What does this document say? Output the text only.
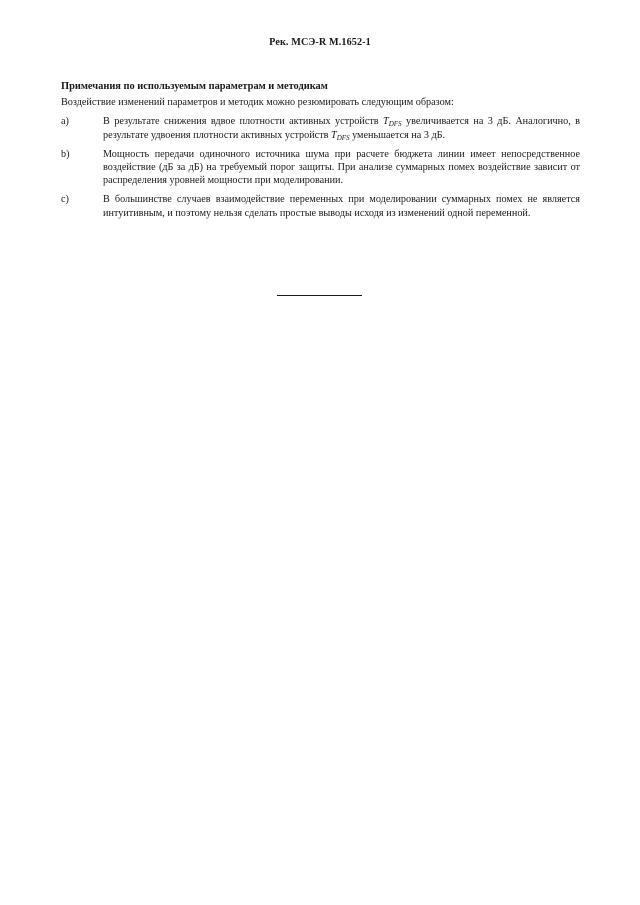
Рек. МСЭ-R M.1652-1
Примечания по используемым параметрам и методикам
Воздействие изменений параметров и методик можно резюмировать следующим образом:
a)	В результате снижения вдвое плотности активных устройств $T_{DFS}$ увеличивается на 3 дБ. Аналогично, в результате удвоения плотности активных устройств $T_{DFS}$ уменьшается на 3 дБ.
b)	Мощность передачи одиночного источника шума при расчете бюджета линии имеет непосредственное воздействие (дБ за дБ) на требуемый порог защиты. При анализе суммарных помех воздействие зависит от распределения уровней мощности при моделировании.
c)	В большинстве случаев взаимодействие переменных при моделировании суммарных помех не является интуитивным, и поэтому нельзя сделать простые выводы исходя из изменений одной переменной.
